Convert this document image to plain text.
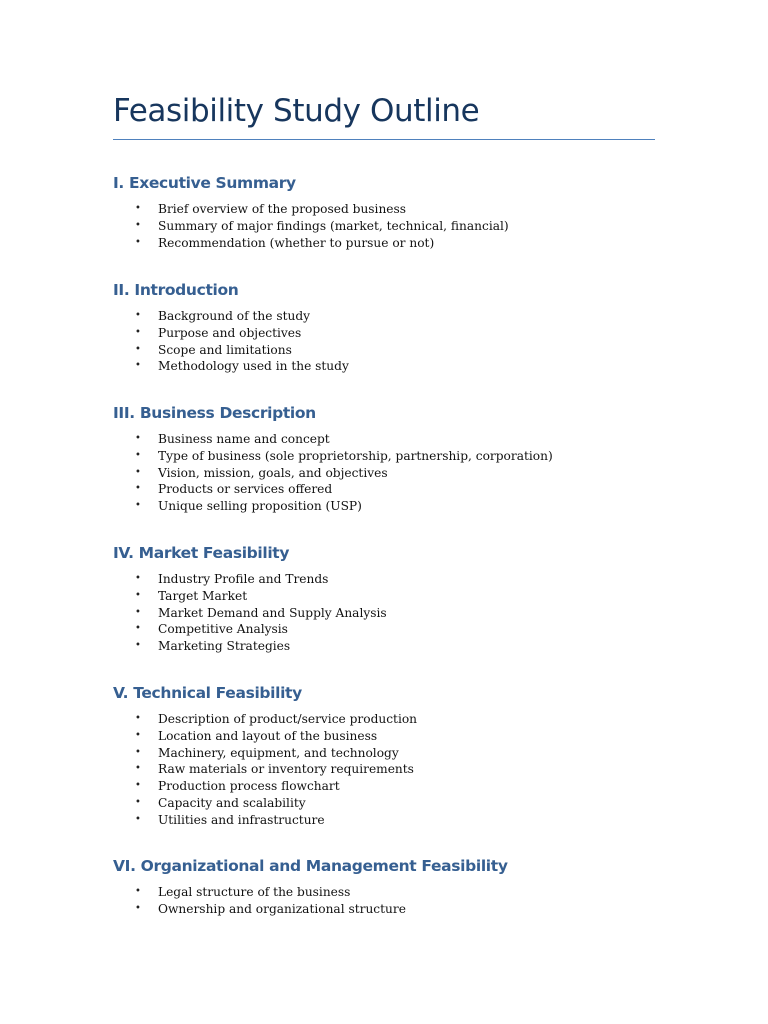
Feasibility Study Outline
I. Executive Summary
• Brief overview of the proposed business
• Summary of major findings (market, technical, financial)
• Recommendation (whether to pursue or not)
II. Introduction
• Background of the study
• Purpose and objectives
• Scope and limitations
• Methodology used in the study
III. Business Description
• Business name and concept
• Type of business (sole proprietorship, partnership, corporation)
• Vision, mission, goals, and objectives
• Products or services offered
• Unique selling proposition (USP)
IV. Market Feasibility
• Industry Profile and Trends
• Target Market
• Market Demand and Supply Analysis
• Competitive Analysis
• Marketing Strategies
V. Technical Feasibility
• Description of product/service production
• Location and layout of the business
• Machinery, equipment, and technology
• Raw materials or inventory requirements
• Production process flowchart
• Capacity and scalability
• Utilities and infrastructure
VI. Organizational and Management Feasibility
• Legal structure of the business
• Ownership and organizational structure
